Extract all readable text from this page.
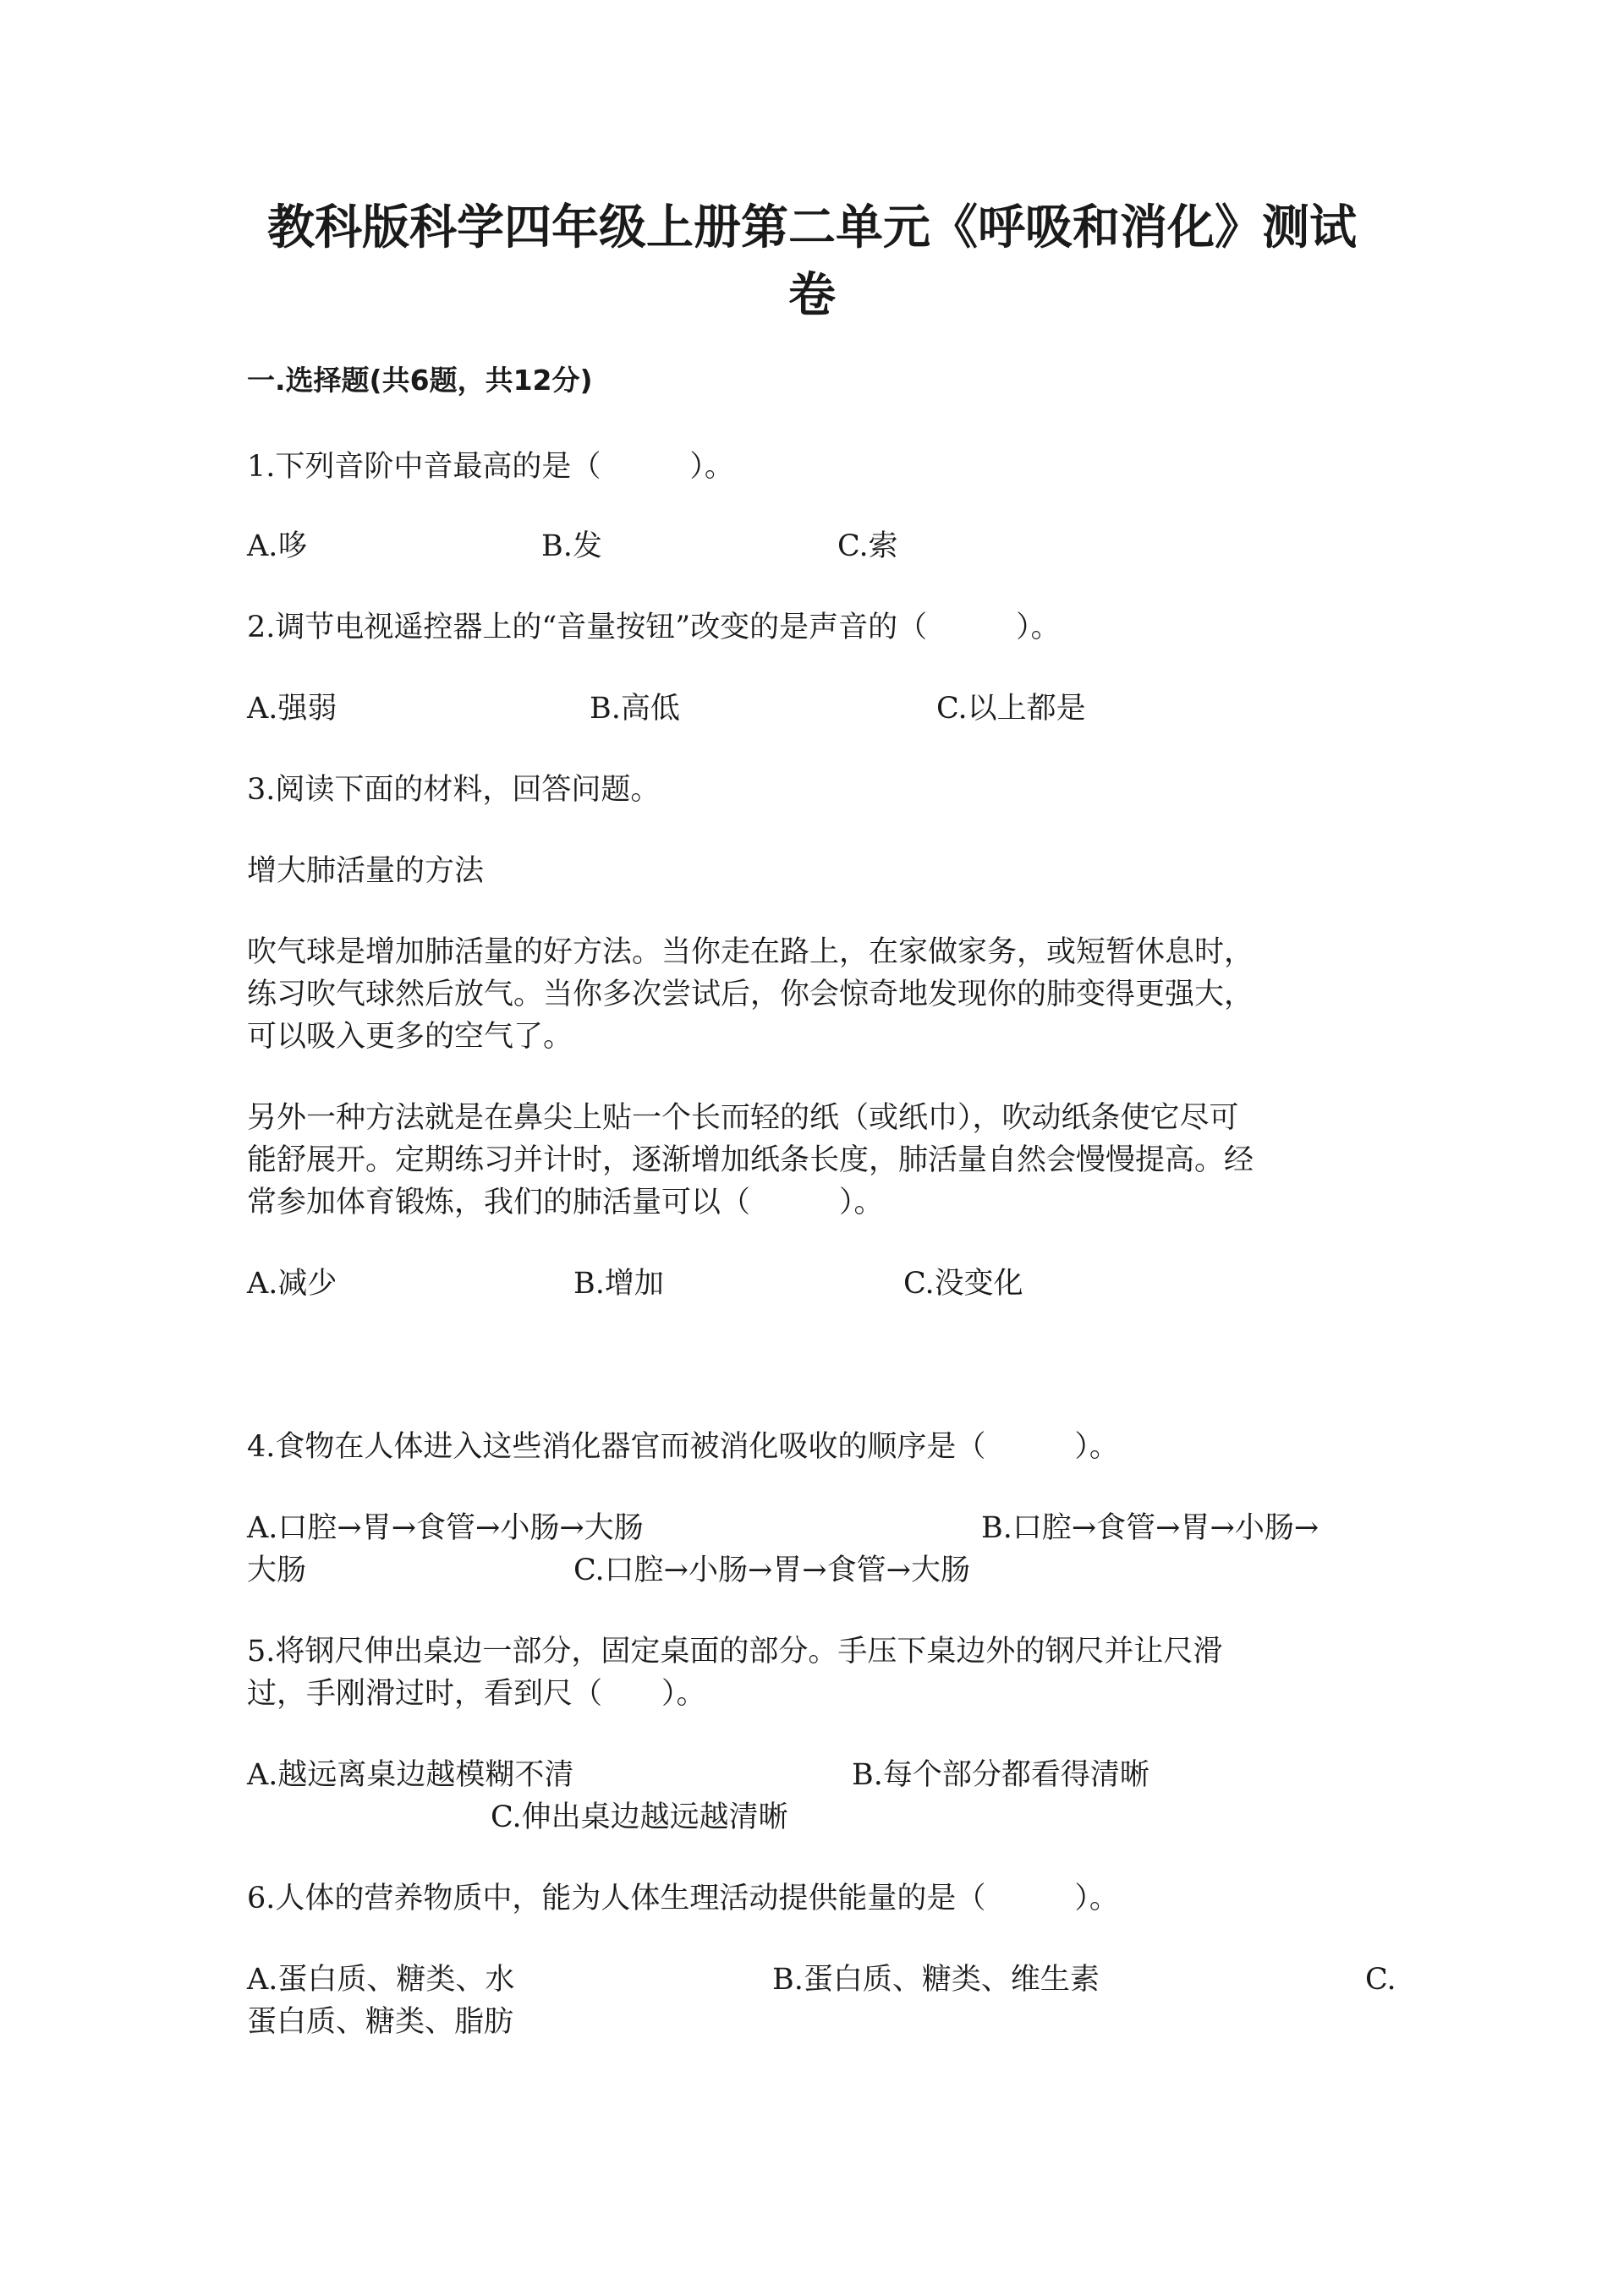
教科版科学四年级上册第二单元《呼吸和消化》测试卷
一.选择题(共6题，共12分)
1.下列音阶中音最高的是（　　　）。
A.哆	B.发	C.索
2.调节电视遥控器上的“音量按钮”改变的是声音的（　　　）。
A.强弱	B.高低	C.以上都是
3.阅读下面的材料，回答问题。
增大肺活量的方法
吹气球是增加肺活量的好方法。当你走在路上，在家做家务，或短暂休息时，
练习吹气球然后放气。当你多次尝试后，你会惊奇地发现你的肺变得更强大，
可以吸入更多的空气了。
另外一种方法就是在鼻尖上贴一个长而轻的纸（或纸巾），吹动纸条使它尽可
能舒展开。定期练习并计时，逐渐增加纸条长度，肺活量自然会慢慢提高。经
常参加体育锻炼，我们的肺活量可以（　　　）。
A.减少	B.增加	C.没变化
4.食物在人体进入这些消化器官而被消化吸收的顺序是（　　　）。
A.口腔→胃→食管→小肠→大肠	B.口腔→食管→胃→小肠→
大肠	C.口腔→小肠→胃→食管→大肠
5.将钢尺伸出桌边一部分，固定桌面的部分。手压下桌边外的钢尺并让尺滑
过，手刚滑过时，看到尺（　　）。
A.越远离桌边越模糊不清	B.每个部分都看得清晰
C.伸出桌边越远越清晰
6.人体的营养物质中，能为人体生理活动提供能量的是（　　　）。
A.蛋白质、糖类、水	B.蛋白质、糖类、维生素	C.
蛋白质、糖类、脂肪
